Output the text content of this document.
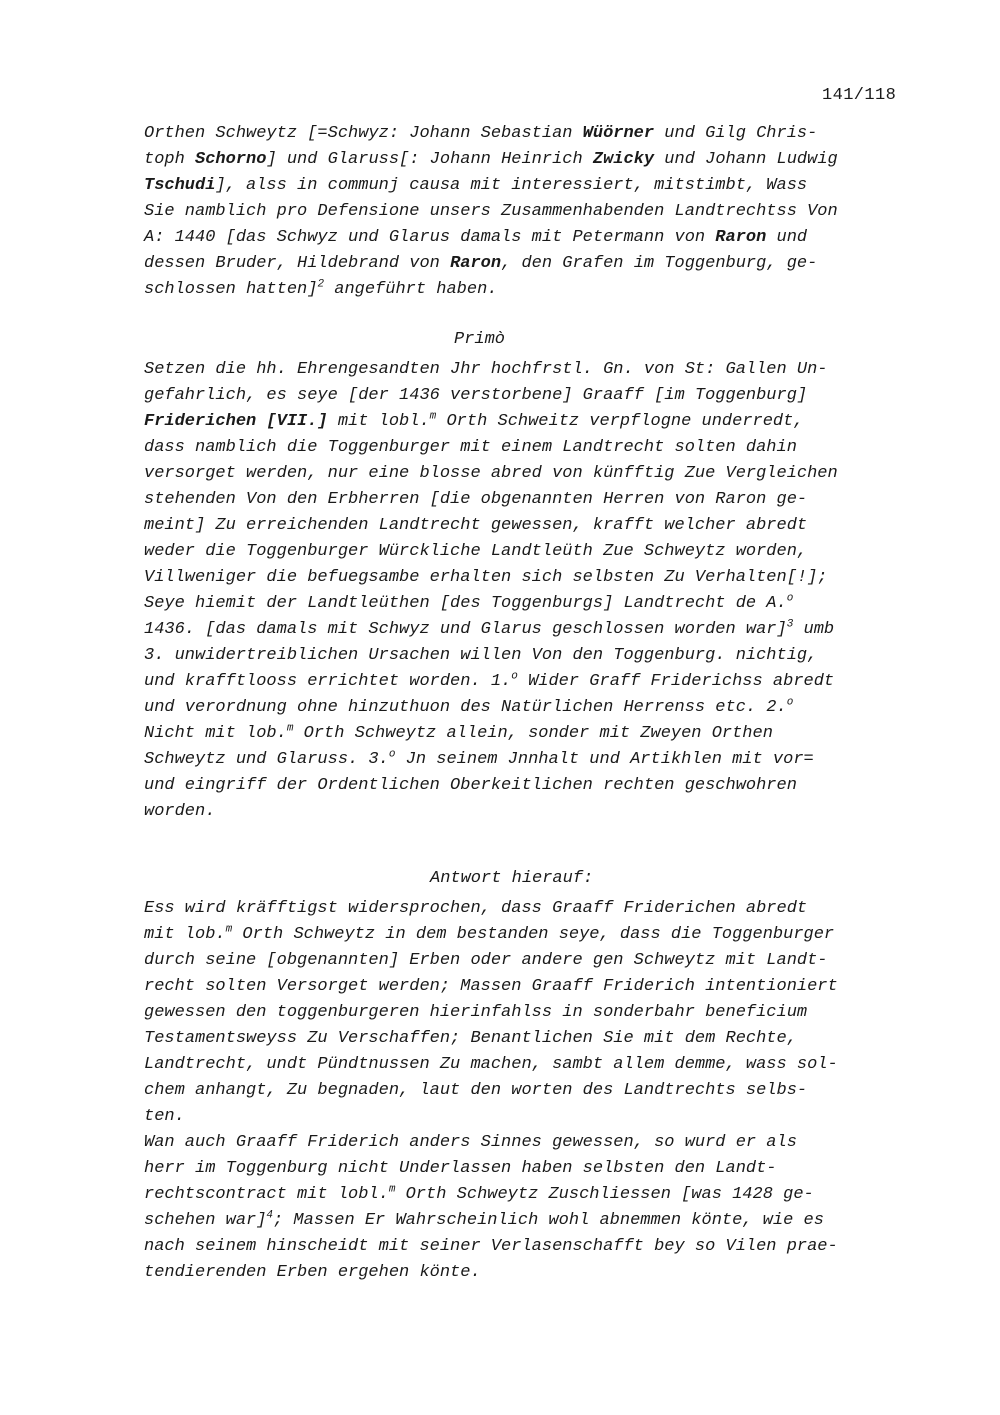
141/118
Orthen Schweytz [=Schwyz: Johann Sebastian Wüörner und Gilg Chris-
toph Schorno] und Glaruss[: Johann Heinrich Zwicky und Johann Ludwig
Tschudi], alss in communj causa mit interessiert, mitstimbt, Wass
Sie namblich pro Defensione unsers Zusammenhabenden Landtrechtss Von
A: 1440 [das Schwyz und Glarus damals mit Petermann von Raron und
dessen Bruder, Hildebrand von Raron, den Grafen im Toggenburg, ge-
schlossen hatten]$^2$ angeführt haben.
Primò
Setzen die hh. Ehrengesandten Jhr hochfrstl. Gn. von St: Gallen Un-
gefahrlich, es seye [der 1436 verstorbene] Graaff [im Toggenburg]
Friderichen [VII.] mit lobl.$^m$ Orth Schweitz verpflogne underredt,
dass namblich die Toggenburger mit einem Landtrecht solten dahin
versorget werden, nur eine blosse abred von künfftig Zue Vergleichen
stehenden Von den Erbherren [die obgenannten Herren von Raron ge-
meint] Zu erreichenden Landtrecht gewessen, krafft welcher abredt
weder die Toggenburger Würckliche Landtleüth Zue Schweytz worden,
Villweniger die befuegsambe erhalten sich selbsten Zu Verhalten[!];
Seye hiemit der Landtleüthen [des Toggenburgs] Landtrecht de A.$^o$
1436. [das damals mit Schwyz und Glarus geschlossen worden war]$^3$ umb
3. unwidertreiblichen Ursachen willen Von den Toggenburg. nichtig,
und krafftlooss errichtet worden. 1.$^o$ Wider Graff Friderichss abredt
und verordnung ohne hinzuthuon des Natürlichen Herrenss etc. 2.$^o$
Nicht mit lob.$^m$ Orth Schweytz allein, sonder mit Zweyen Orthen
Schweytz und Glaruss. 3.$^o$ Jn seinem Jnnhalt und Artikhlen mit vor=
und eingriff der Ordentlichen Oberkeitlichen rechten geschwohren
worden.
Antwort hierauf:
Ess wird kräfftigst widersprochen, dass Graaff Friderichen abredt
mit lob.$^m$ Orth Schweytz in dem bestanden seye, dass die Toggenburger
durch seine [obgenannten] Erben oder andere gen Schweytz mit Landt-
recht solten Versorget werden; Massen Graaff Friderich intentioniert
gewessen den toggenburgeren hierinfahlss in sonderbahr beneficium
Testamentsweyss Zu Verschaffen; Benantlichen Sie mit dem Rechte,
Landtrecht, undt Pündtnussen Zu machen, sambt allem demme, wass sol-
chem anhangt, Zu begnaden, laut den worten des Landtrechts selbs-
ten.
Wan auch Graaff Friderich anders Sinnes gewessen, so wurd er als
herr im Toggenburg nicht Underlassen haben selbsten den Landt-
rechtscontract mit lobl.$^m$ Orth Schweytz Zuschliessen [was 1428 ge-
schehen war]$^4$; Massen Er Wahrscheinlich wohl abnemmen könte, wie es
nach seinem hinscheidt mit seiner Verlasenschafft bey so Vilen prae-
tendierenden Erben ergehen könte.
